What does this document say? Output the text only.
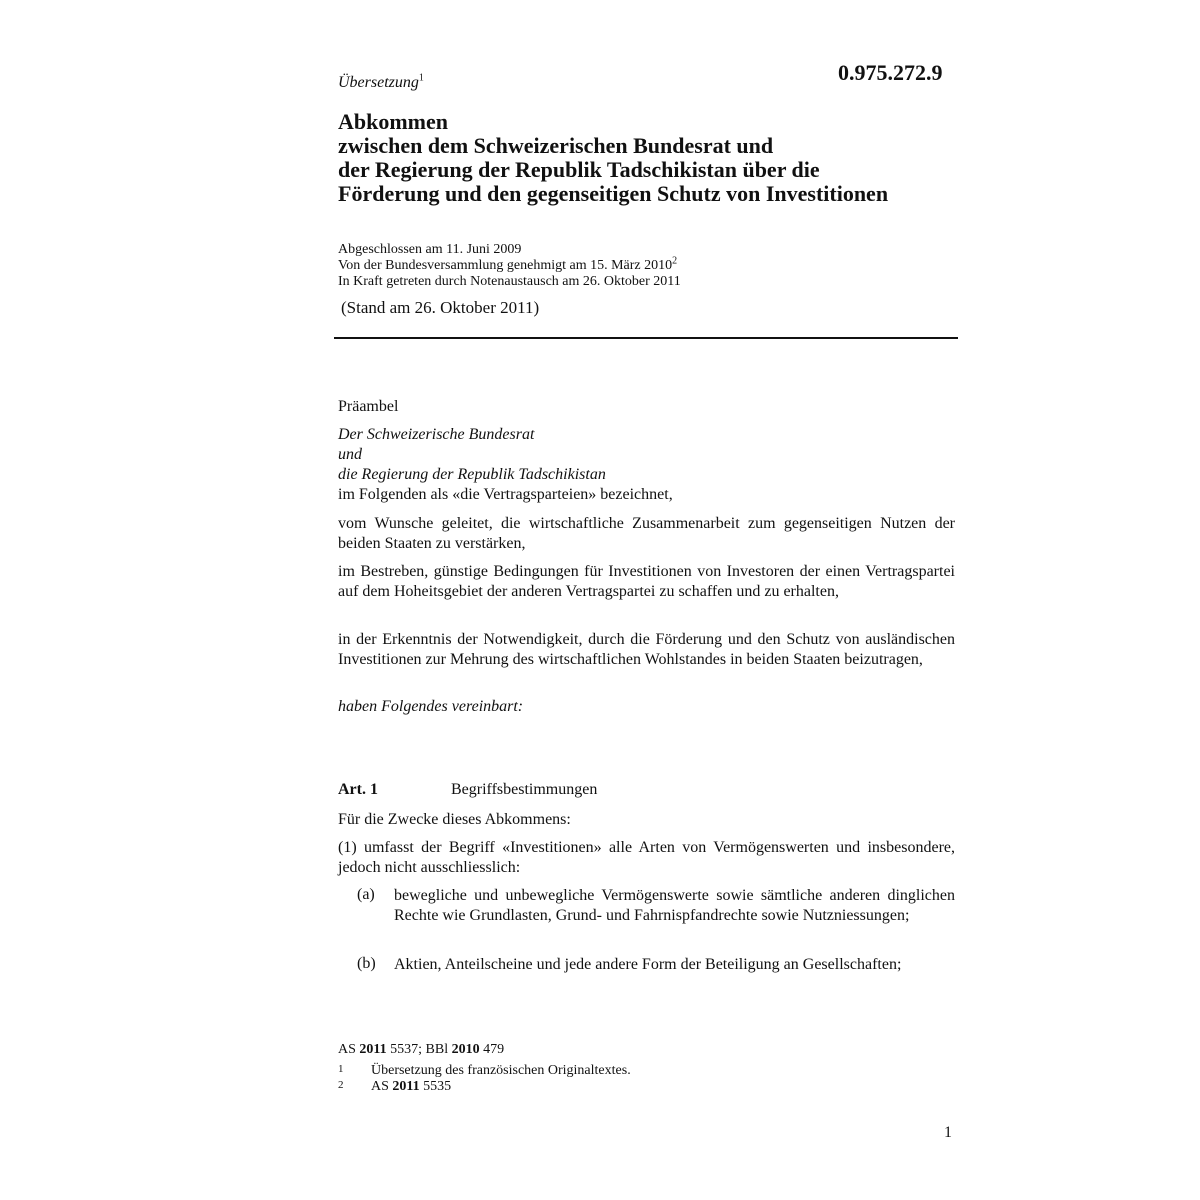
0.975.272.9
Übersetzung$^1$
Abkommen
zwischen dem Schweizerischen Bundesrat und
der Regierung der Republik Tadschikistan über die
Förderung und den gegenseitigen Schutz von Investitionen
Abgeschlossen am 11. Juni 2009
Von der Bundesversammlung genehmigt am 15. März 2010$^2$
In Kraft getreten durch Notenaustausch am 26. Oktober 2011
(Stand am 26. Oktober 2011)
Präambel
Der Schweizerische Bundesrat
und
die Regierung der Republik Tadschikistan
im Folgenden als «die Vertragsparteien» bezeichnet,
vom Wunsche geleitet, die wirtschaftliche Zusammenarbeit zum gegenseitigen Nutzen der beiden Staaten zu verstärken,
im Bestreben, günstige Bedingungen für Investitionen von Investoren der einen Vertragspartei auf dem Hoheitsgebiet der anderen Vertragspartei zu schaffen und zu erhalten,
in der Erkenntnis der Notwendigkeit, durch die Förderung und den Schutz von ausländischen Investitionen zur Mehrung des wirtschaftlichen Wohlstandes in beiden Staaten beizutragen,
haben Folgendes vereinbart:
Art. 1	Begriffsbestimmungen
Für die Zwecke dieses Abkommens:
(1) umfasst der Begriff «Investitionen» alle Arten von Vermögenswerten und insbesondere, jedoch nicht ausschliesslich:
(a) bewegliche und unbewegliche Vermögenswerte sowie sämtliche anderen dinglichen Rechte wie Grundlasten, Grund- und Fahrnispfandrechte sowie Nutzniessungen;
(b) Aktien, Anteilscheine und jede andere Form der Beteiligung an Gesellschaften;
AS 2011 5537; BBl 2010 479
1 Übersetzung des französischen Originaltextes.
2 AS 2011 5535
1
